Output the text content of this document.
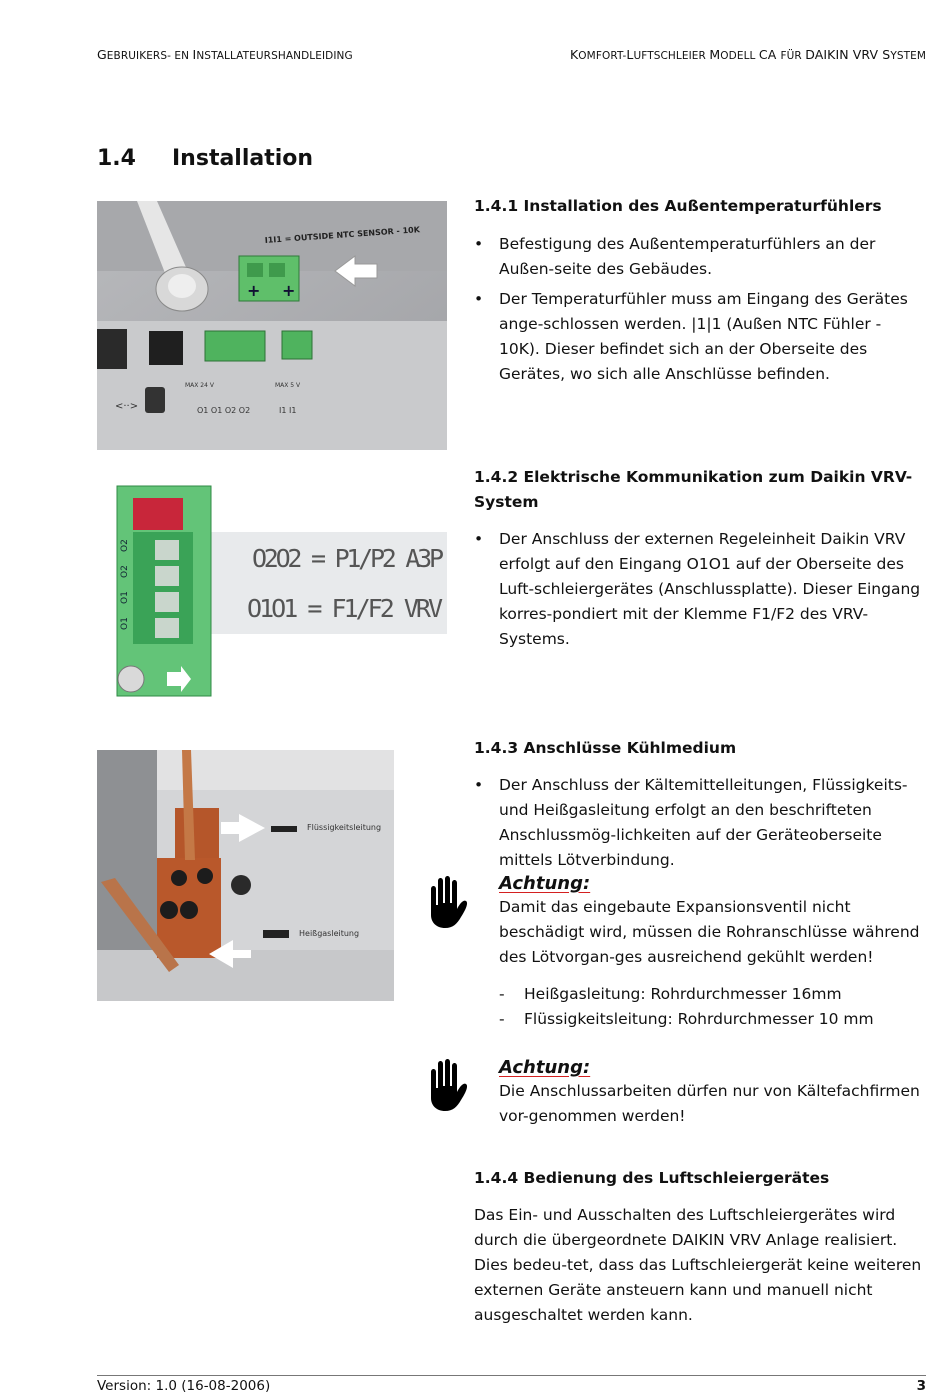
GEBRUIKERS- EN INSTALLATEURSHANDLEIDING	KOMFORT-LUFTSCHLEIER MODELL CA FÜR DAIKIN VRV SYSTEM
1.4 Installation
+ +
I1I1 = OUTSIDE NTC SENSOR - 10K
<··>
MAX 24 V	MAX 5 V
O1 O1 O2 O2	I1 I1
1.4.1 Installation des Außentemperaturfühlers
• Befestigung des Außentemperaturfühlers an der Außen-seite des Gebäudes.
• Der Temperaturfühler muss am Eingang des Gerätes ange-schlossen werden. |1|1 (Außen NTC Fühler - 10K). Dieser befindet sich an der Oberseite des Gerätes, wo sich alle Anschlüsse befinden.
O2
O2
O1
O1
O2O2 = P1/P2 A3P
O1O1 = F1/F2 VRV
1.4.2 Elektrische Kommunikation zum Daikin VRV-
System
• Der Anschluss der externen Regeleinheit Daikin VRV erfolgt auf den Eingang O1O1 auf der Oberseite des Luft-schleiergerätes (Anschlussplatte). Dieser Eingang korres-pondiert mit der Klemme F1/F2 des VRV-Systems.
Flüssigkeitsleitung
Heißgasleitung
1.4.3 Anschlüsse Kühlmedium
• Der Anschluss der Kältemittelleitungen, Flüssigkeits- und Heißgasleitung erfolgt an den beschrifteten Anschlussmög-lichkeiten auf der Geräteoberseite mittels Lötverbindung.
Achtung:
Damit das eingebaute Expansionsventil nicht beschädigt wird, müssen die Rohranschlüsse während des Lötvorgan-ges ausreichend gekühlt werden!
- Heißgasleitung: Rohrdurchmesser 16mm
- Flüssigkeitsleitung: Rohrdurchmesser 10 mm
Achtung:
Die Anschlussarbeiten dürfen nur von Kältefachfirmen vor-genommen werden!
1.4.4 Bedienung des Luftschleiergerätes
Das Ein- und Ausschalten des Luftschleiergerätes wird durch die übergeordnete DAIKIN VRV Anlage realisiert. Dies bedeu-tet, dass das Luftschleiergerät keine weiteren externen Geräte ansteuern kann und manuell nicht ausgeschaltet werden kann.
Version: 1.0 (16-08-2006)	3
